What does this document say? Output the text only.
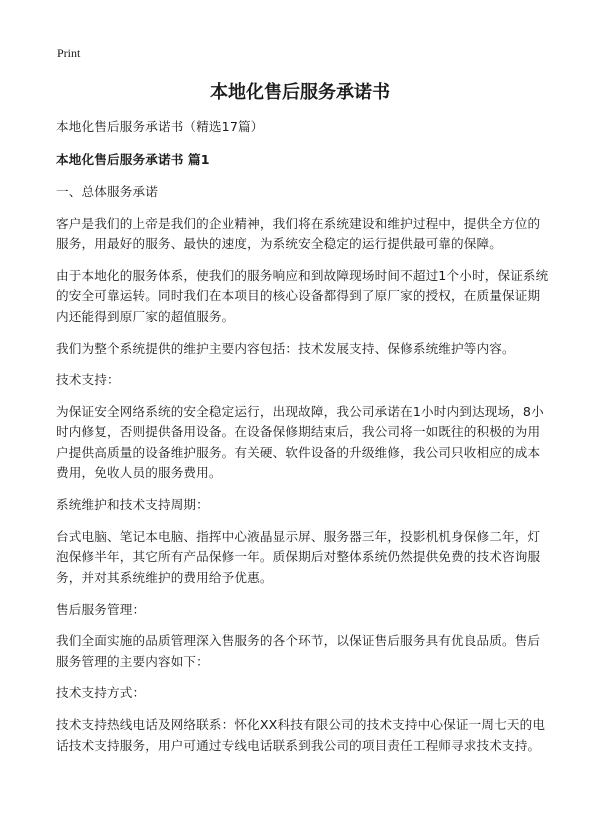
Print
本地化售后服务承诺书

本地化售后服务承诺书（精选17篇）

本地化售后服务承诺书 篇1

一、总体服务承诺

客户是我们的上帝是我们的企业精神，我们将在系统建设和维护过程中，提供全方位的服务，用最好的服务、最快的速度，为系统安全稳定的运行提供最可靠的保障。

由于本地化的服务体系，使我们的服务响应和到故障现场时间不超过1个小时，保证系统的安全可靠运转。同时我们在本项目的核心设备都得到了原厂家的授权，在质量保证期内还能得到原厂家的超值服务。

我们为整个系统提供的维护主要内容包括：技术发展支持、保修系统维护等内容。

技术支持：

为保证安全网络系统的安全稳定运行，出现故障，我公司承诺在1小时内到达现场，8小时内修复，否则提供备用设备。在设备保修期结束后，我公司将一如既往的积极的为用户提供高质量的设备维护服务。有关硬、软件设备的升级维修，我公司只收相应的成本费用，免收人员的服务费用。

系统维护和技术支持周期：

台式电脑、笔记本电脑、指挥中心液晶显示屏、服务器三年，投影机机身保修二年，灯泡保修半年，其它所有产品保修一年。质保期后对整体系统仍然提供免费的技术咨询服务，并对其系统维护的费用给予优惠。

售后服务管理：

我们全面实施的品质管理深入售服务的各个环节，以保证售后服务具有优良品质。售后服务管理的主要内容如下：

技术支持方式：

技术支持热线电话及网络联系：怀化XX科技有限公司的技术支持中心保证一周七天的电话技术支持服务，用户可通过专线电话联系到我公司的项目责任工程师寻求技术支持。
